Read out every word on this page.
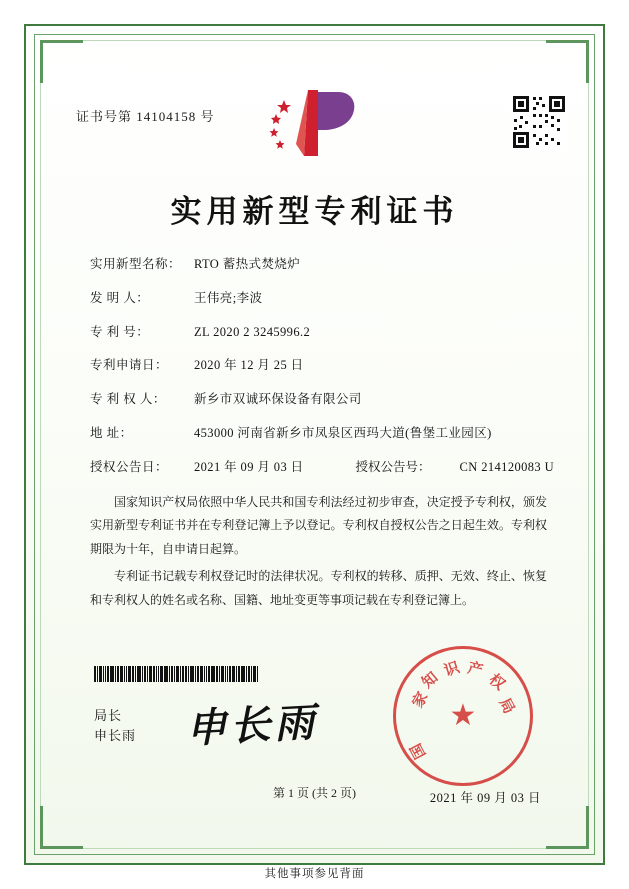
证书号第 14104158 号
实用新型专利证书
实用新型名称：	RTO 蓄热式焚烧炉
发 明 人：	王伟亮;李波
专 利 号：	ZL 2020 2 3245996.2
专利申请日：	2020 年 12 月 25 日
专 利 权 人：	新乡市双诚环保设备有限公司
地 址：	453000 河南省新乡市凤泉区西玛大道(鲁堡工业园区)
授权公告日：	2021 年 09 月 03 日	授权公告号：	CN 214120083 U

国家知识产权局依照中华人民共和国专利法经过初步审查，决定授予专利权，颁发实用新型专利证书并在专利登记簿上予以登记。专利权自授权公告之日起生效。专利权期限为十年，自申请日起算。

专利证书记载专利权登记时的法律状况。专利权的转移、质押、无效、终止、恢复和专利权人的姓名或名称、国籍、地址变更等事项记载在专利登记簿上。

局长
申长雨 申长雨	家
知 识 产
权
局
国
★
2021 年 09 月 03 日
第 1 页 (共 2 页)
其他事项参见背面
